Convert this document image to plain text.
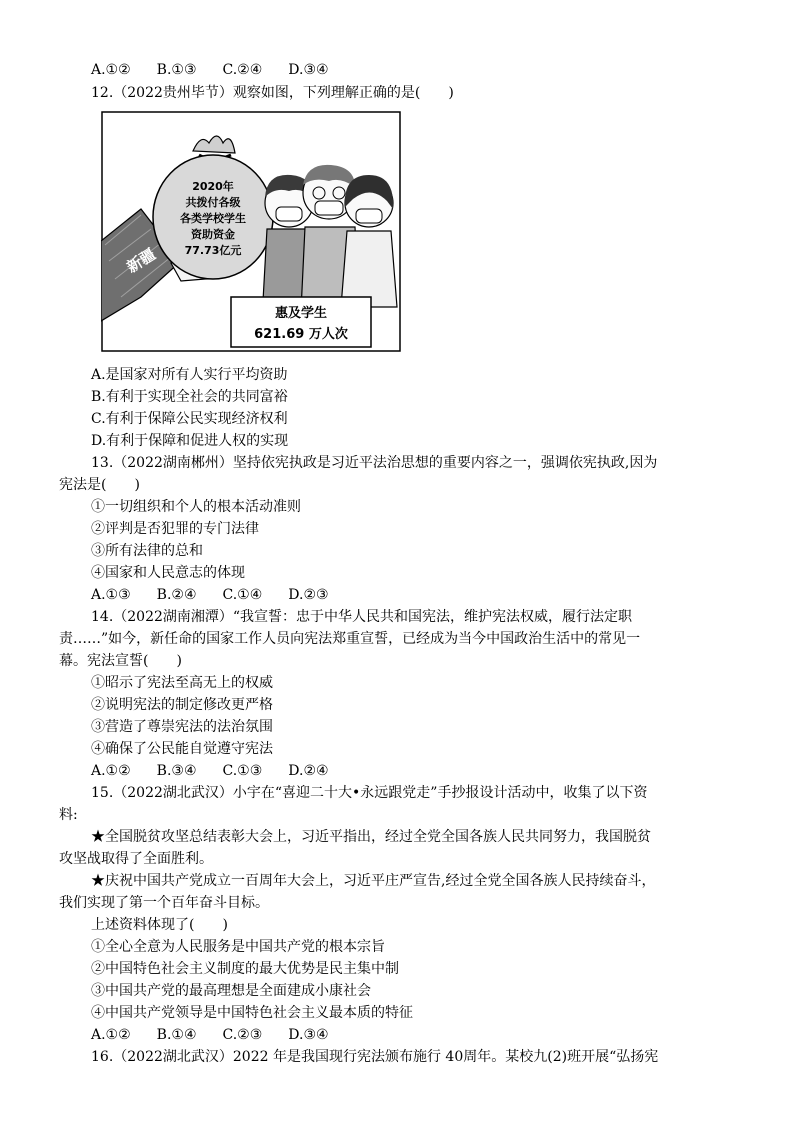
A.①② B.①③ C.②④ D.③④
12.（2022贵州毕节）观察如图，下列理解正确的是(　　)
新疆
2020年
共拨付各级
各类学校学生
资助资金
77.73亿元
惠及学生
621.69 万人次
A.是国家对所有人实行平均资助
B.有利于实现全社会的共同富裕
C.有利于保障公民实现经济权利
D.有利于保障和促进人权的实现
13.（2022湖南郴州）坚持依宪执政是习近平法治思想的重要内容之一，强调依宪执政,因为
宪法是(　　)
①一切组织和个人的根本活动准则
②评判是否犯罪的专门法律
③所有法律的总和
④国家和人民意志的体现
A.①③ B.②④ C.①④ D.②③
14.（2022湖南湘潭）“我宣誓：忠于中华人民共和国宪法，维护宪法权威，履行法定职
责……”如今，新任命的国家工作人员向宪法郑重宣誓，已经成为当今中国政治生活中的常见一
幕。宪法宣誓(　　)
①昭示了宪法至高无上的权威
②说明宪法的制定修改更严格
③营造了尊崇宪法的法治氛围
④确保了公民能自觉遵守宪法
A.①② B.③④ C.①③ D.②④
15.（2022湖北武汉）小宇在“喜迎二十大•永远跟党走”手抄报设计活动中，收集了以下资
料:
★全国脱贫攻坚总结表彰大会上，习近平指出，经过全党全国各族人民共同努力，我国脱贫
攻坚战取得了全面胜利。
★庆祝中国共产党成立一百周年大会上，习近平庄严宣告,经过全党全国各族人民持续奋斗，
我们实现了第一个百年奋斗目标。
上述资料体现了(　　)
①全心全意为人民服务是中国共产党的根本宗旨
②中国特色社会主义制度的最大优势是民主集中制
③中国共产党的最高理想是全面建成小康社会
④中国共产党领导是中国特色社会主义最本质的特征
A.①② B.①④ C.②③ D.③④
16.（2022湖北武汉）2022 年是我国现行宪法颁布施行 40周年。某校九(2)班开展“弘扬宪
